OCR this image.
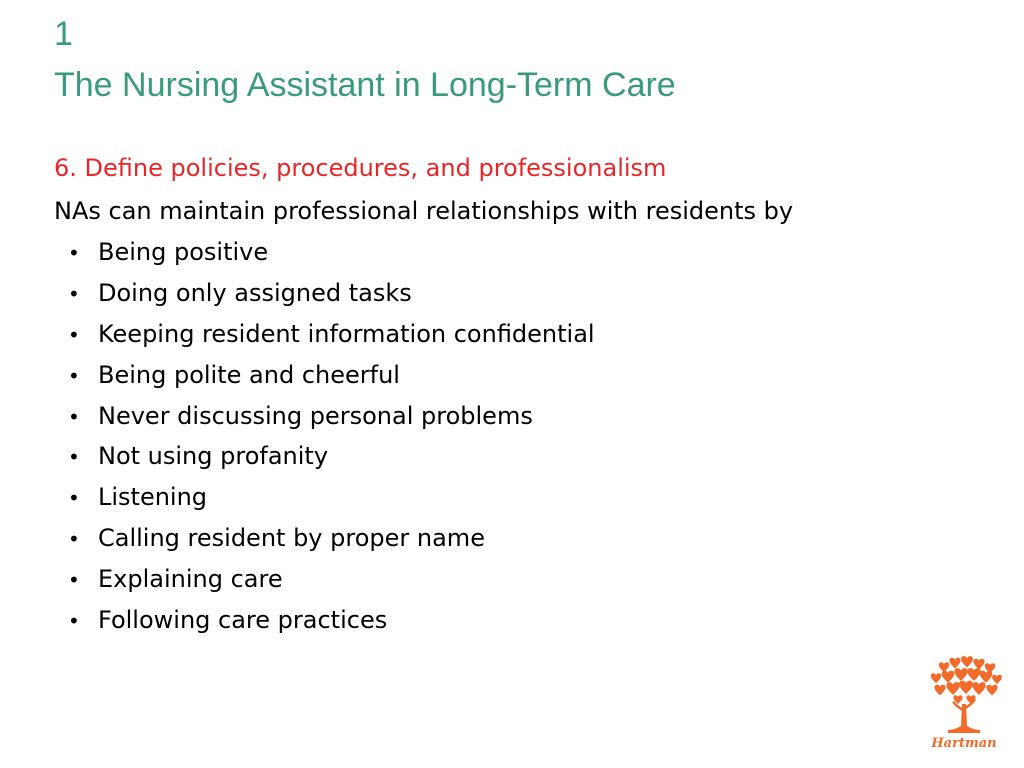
1
The Nursing Assistant in Long-Term Care

6. Define policies, procedures, and professionalism

NAs can maintain professional relationships with residents by

• Being positive
• Doing only assigned tasks
• Keeping resident information confidential
• Being polite and cheerful
• Never discussing personal problems
• Not using profanity
• Listening
• Calling resident by proper name
• Explaining care
• Following care practices
Hartman
